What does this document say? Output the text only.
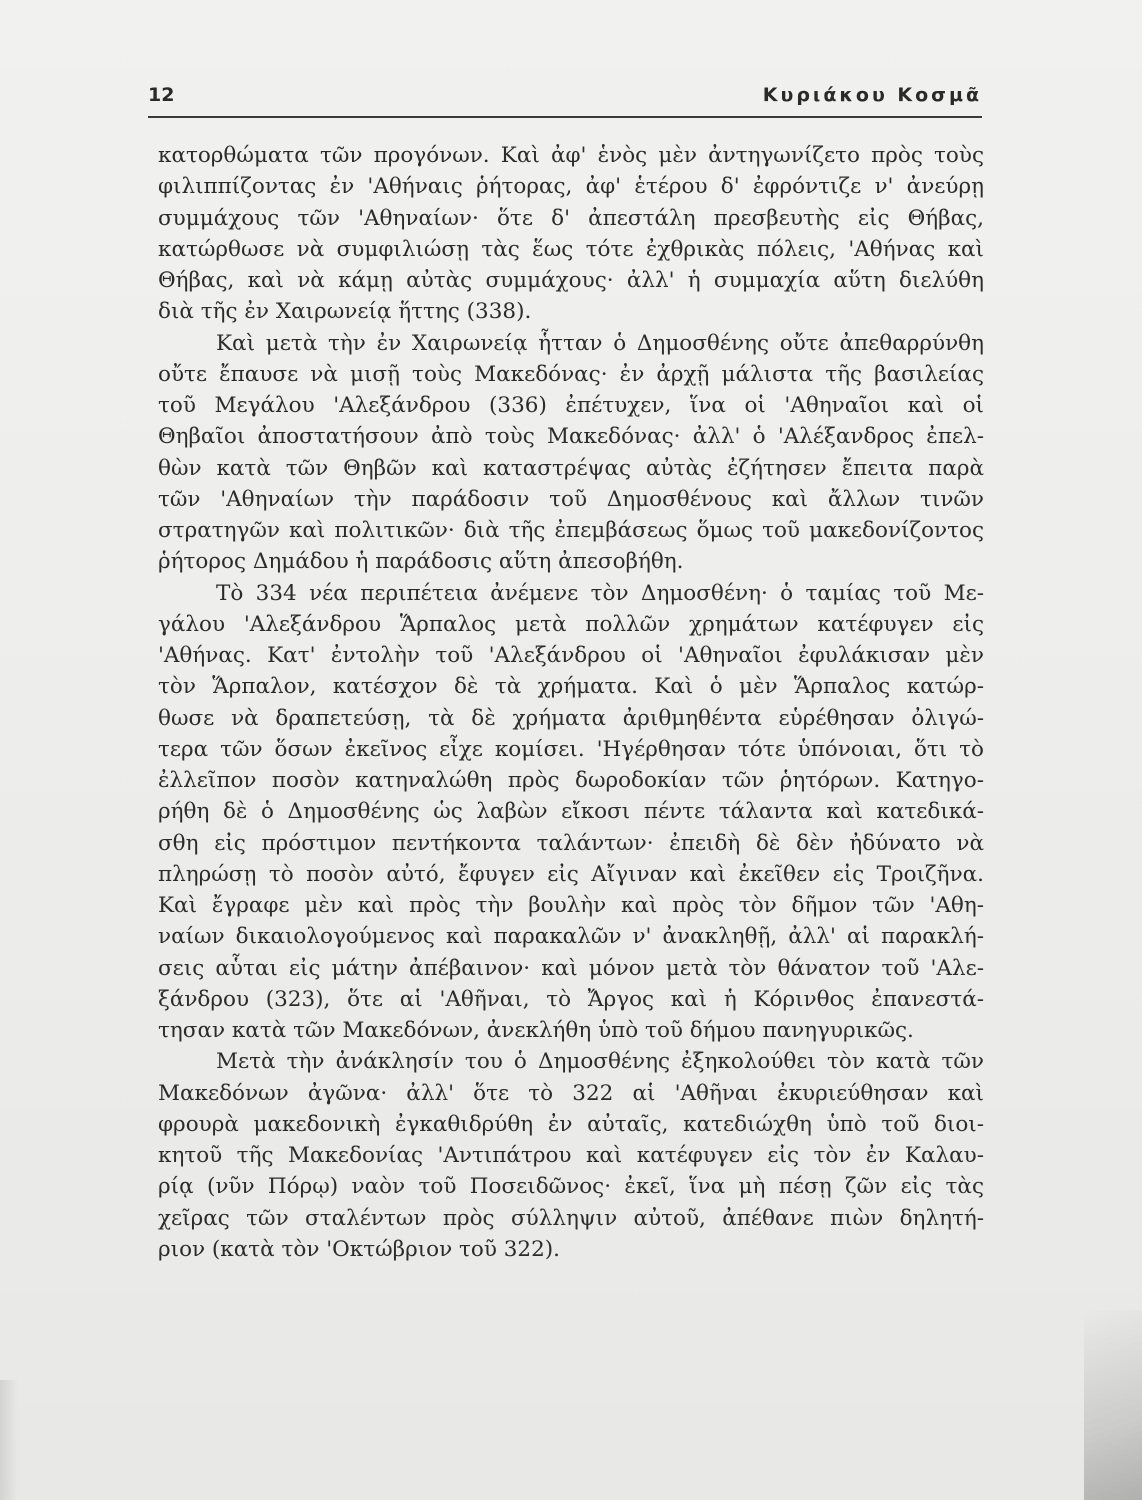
12	Κυριάκου Κοσμᾶ
κατορθώματα τῶν προγόνων. Καὶ ἀφ' ἑνὸς μὲν ἀντηγωνίζετο πρὸς τοὺς
φιλιππίζοντας ἐν 'Αθήναις ῥήτορας, ἀφ' ἑτέρου δ' ἐφρόντιζε ν' ἀνεύρῃ
συμμάχους τῶν 'Αθηναίων· ὅτε δ' ἀπεστάλη πρεσβευτὴς εἰς Θήβας,
κατώρθωσε νὰ συμφιλιώσῃ τὰς ἕως τότε ἐχθρικὰς πόλεις, 'Αθήνας καὶ
Θήβας, καὶ νὰ κάμῃ αὐτὰς συμμάχους· ἀλλ' ἡ συμμαχία αὕτη διελύθη
διὰ τῆς ἐν Χαιρωνείᾳ ἥττης (338).
Καὶ μετὰ τὴν ἐν Χαιρωνείᾳ ἧτταν ὁ Δημοσθένης οὔτε ἀπεθαρρύνθη
οὔτε ἔπαυσε νὰ μισῇ τοὺς Μακεδόνας· ἐν ἀρχῇ μάλιστα τῆς βασιλείας
τοῦ Μεγάλου 'Αλεξάνδρου (336) ἐπέτυχεν, ἵνα οἱ 'Αθηναῖοι καὶ οἱ
Θηβαῖοι ἀποστατήσουν ἀπὸ τοὺς Μακεδόνας· ἀλλ' ὁ 'Αλέξανδρος ἐπελ-
θὼν κατὰ τῶν Θηβῶν καὶ καταστρέψας αὐτὰς ἐζήτησεν ἔπειτα παρὰ
τῶν 'Αθηναίων τὴν παράδοσιν τοῦ Δημοσθένους καὶ ἄλλων τινῶν
στρατηγῶν καὶ πολιτικῶν· διὰ τῆς ἐπεμβάσεως ὅμως τοῦ μακεδονίζοντος
ῥήτορος Δημάδου ἡ παράδοσις αὕτη ἀπεσοβήθη.
Τὸ 334 νέα περιπέτεια ἀνέμενε τὸν Δημοσθένη· ὁ ταμίας τοῦ Με-
γάλου 'Αλεξάνδρου Ἅρπαλος μετὰ πολλῶν χρημάτων κατέφυγεν εἰς
'Αθήνας. Κατ' ἐντολὴν τοῦ 'Αλεξάνδρου οἱ 'Αθηναῖοι ἐφυλάκισαν μὲν
τὸν Ἅρπαλον, κατέσχον δὲ τὰ χρήματα. Καὶ ὁ μὲν Ἅρπαλος κατώρ-
θωσε νὰ δραπετεύσῃ, τὰ δὲ χρήματα ἀριθμηθέντα εὑρέθησαν ὀλιγώ-
τερα τῶν ὅσων ἐκεῖνος εἶχε κομίσει. 'Ηγέρθησαν τότε ὑπόνοιαι, ὅτι τὸ
ἐλλεῖπον ποσὸν κατηναλώθη πρὸς δωροδοκίαν τῶν ῥητόρων. Κατηγο-
ρήθη δὲ ὁ Δημοσθένης ὡς λαβὼν εἴκοσι πέντε τάλαντα καὶ κατεδικά-
σθη εἰς πρόστιμον πεντήκοντα ταλάντων· ἐπειδὴ δὲ δὲν ἠδύνατο νὰ
πληρώσῃ τὸ ποσὸν αὐτό, ἔφυγεν εἰς Αἴγιναν καὶ ἐκεῖθεν εἰς Τροιζῆνα.
Καὶ ἔγραφε μὲν καὶ πρὸς τὴν βουλὴν καὶ πρὸς τὸν δῆμον τῶν 'Αθη-
ναίων δικαιολογούμενος καὶ παρακαλῶν ν' ἀνακληθῇ, ἀλλ' αἱ παρακλή-
σεις αὗται εἰς μάτην ἀπέβαινον· καὶ μόνον μετὰ τὸν θάνατον τοῦ 'Αλε-
ξάνδρου (323), ὅτε αἱ 'Αθῆναι, τὸ Ἄργος καὶ ἡ Κόρινθος ἐπανεστά-
τησαν κατὰ τῶν Μακεδόνων, ἀνεκλήθη ὑπὸ τοῦ δήμου πανηγυρικῶς.
Μετὰ τὴν ἀνάκλησίν του ὁ Δημοσθένης ἐξηκολούθει τὸν κατὰ τῶν
Μακεδόνων ἀγῶνα· ἀλλ' ὅτε τὸ 322 αἱ 'Αθῆναι ἐκυριεύθησαν καὶ
φρουρὰ μακεδονικὴ ἐγκαθιδρύθη ἐν αὐταῖς, κατεδιώχθη ὑπὸ τοῦ διοι-
κητοῦ τῆς Μακεδονίας 'Αντιπάτρου καὶ κατέφυγεν εἰς τὸν ἐν Καλαυ-
ρίᾳ (νῦν Πόρῳ) ναὸν τοῦ Ποσειδῶνος· ἐκεῖ, ἵνα μὴ πέσῃ ζῶν εἰς τὰς
χεῖρας τῶν σταλέντων πρὸς σύλληψιν αὐτοῦ, ἀπέθανε πιὼν δηλητή-
ριον (κατὰ τὸν 'Οκτώβριον τοῦ 322).
